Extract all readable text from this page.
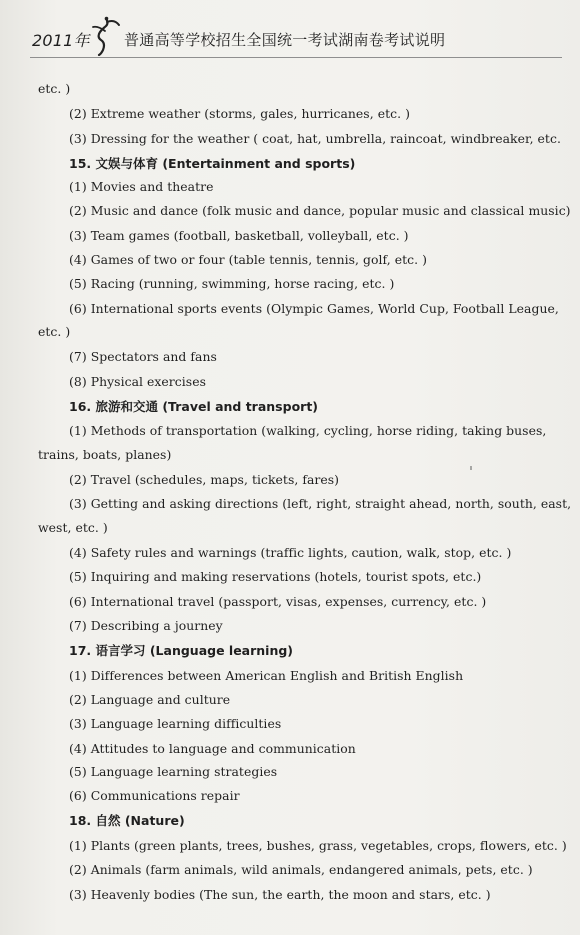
2011年 普通高等学校招生全国统一考试湖南卷考试说明
etc. )
(2) Extreme weather (storms, gales, hurricanes, etc. )
(3) Dressing for the weather ( coat, hat, umbrella, raincoat, windbreaker, etc.
15. 文娱与体育 (Entertainment and sports)
(1) Movies and theatre
(2) Music and dance (folk music and dance, popular music and classical music)
(3) Team games (football, basketball, volleyball, etc. )
(4) Games of two or four (table tennis, tennis, golf, etc. )
(5) Racing (running, swimming, horse racing, etc. )
(6) International sports events (Olympic Games, World Cup, Football League,
etc. )
(7) Spectators and fans
(8) Physical exercises
16. 旅游和交通 (Travel and transport)
(1) Methods of transportation (walking, cycling, horse riding, taking buses,
trains, boats, planes)
(2) Travel (schedules, maps, tickets, fares)
(3) Getting and asking directions (left, right, straight ahead, north, south, east,
west, etc. )
(4) Safety rules and warnings (traffic lights, caution, walk, stop, etc. )
(5) Inquiring and making reservations (hotels, tourist spots, etc.)
(6) International travel (passport, visas, expenses, currency, etc. )
(7) Describing a journey
17. 语言学习 (Language learning)
(1) Differences between American English and British English
(2) Language and culture
(3) Language learning difficulties
(4) Attitudes to language and communication
(5) Language learning strategies
(6) Communications repair
18. 自然 (Nature)
(1) Plants (green plants, trees, bushes, grass, vegetables, crops, flowers, etc. )
(2) Animals (farm animals, wild animals, endangered animals, pets, etc. )
(3) Heavenly bodies (The sun, the earth, the moon and stars, etc. )
